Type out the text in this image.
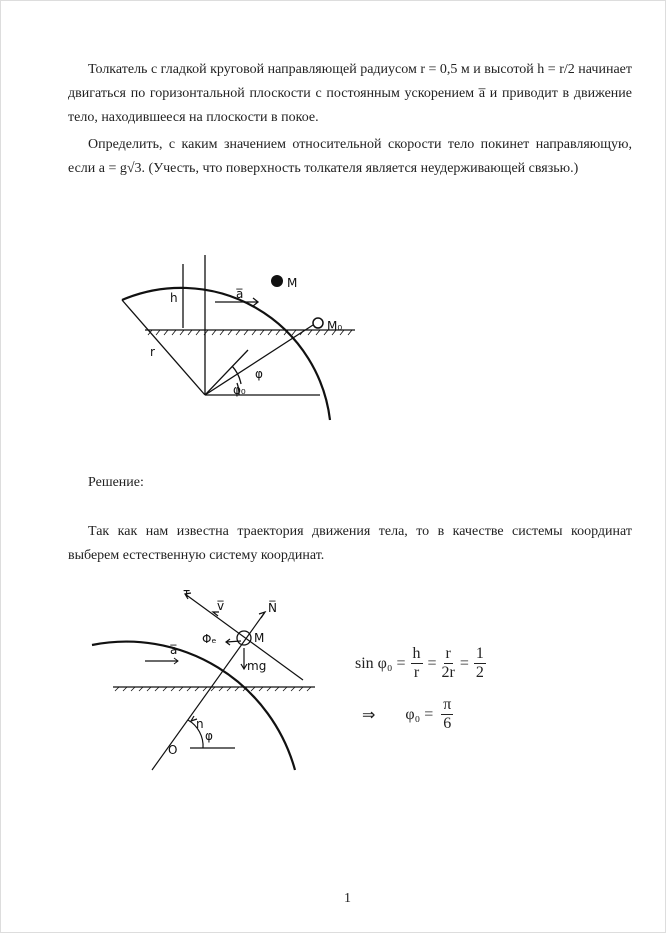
Толкатель с гладкой круговой направляющей радиусом r = 0,5 м и высотой h = r/2 начинает двигаться по горизонтальной плоскости с постоянным ускорением a̅ и приводит в движение тело, находившееся на плоскости в покое.
Определить, с каким значением относительной скорости тело покинет направляющую, если a = g√3. (Учесть, что поверхность толкателя является неудерживающей связью.)
M
M₀
h	a̅
r
φ
φ₀
Решение:
Так как нам известна траектория движения тела, то в качестве системы координат выберем естественную систему координат.
τ
v̅	N̅
M
Φₑ
a̅
mg
n
φ
O
$\sin \varphi_0 = \frac{h}{r} = \frac{r}{2r} = \frac{1}{2}$
⇒ $\varphi_0 = \frac{\pi}{6}$
1
